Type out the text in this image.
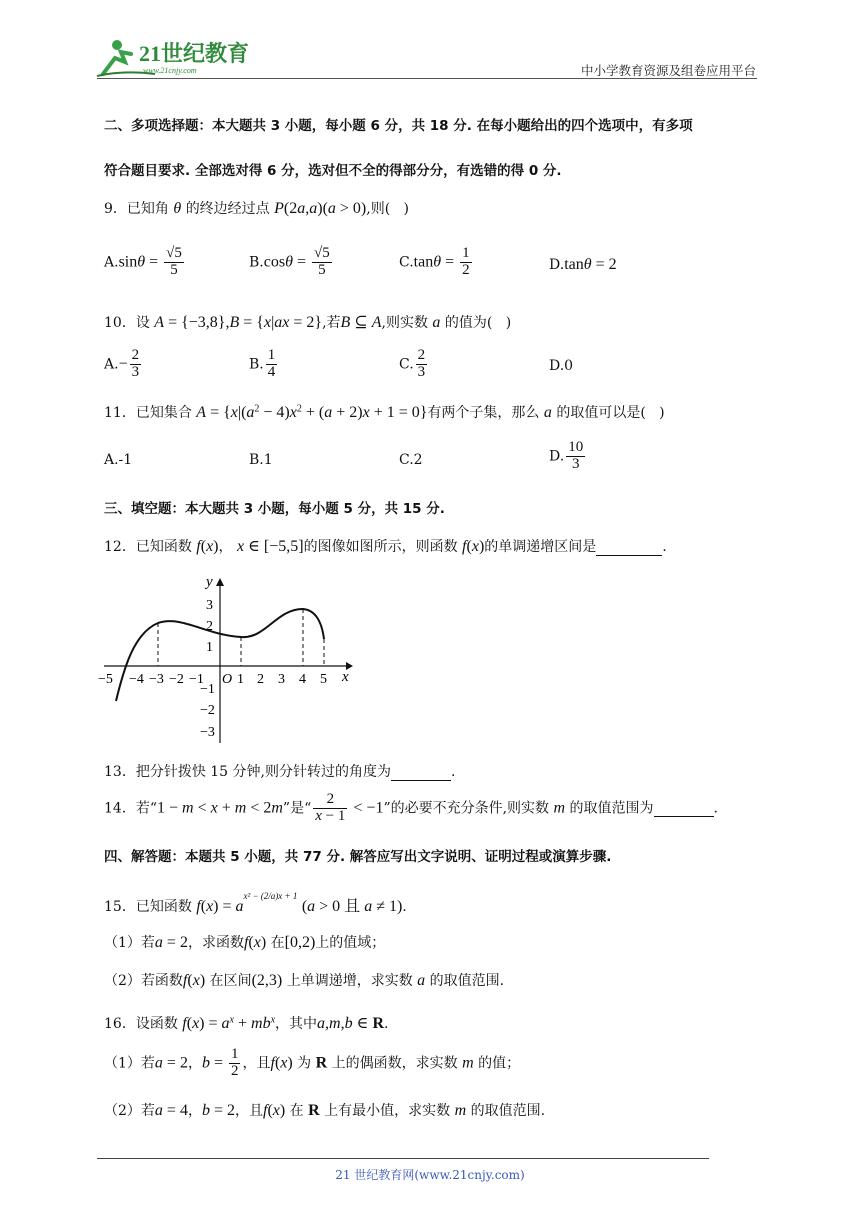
21世纪教育
www.21cnjy.com	中小学教育资源及组卷应用平台
二、多项选择题：本大题共 3 小题，每小题 6 分，共 18 分. 在每小题给出的四个选项中，有多项
符合题目要求. 全部选对得 6 分，选对但不全的得部分分，有选错的得 0 分.
9．已知角 θ 的终边经过点 P(2a,a)(a > 0),则( )
$A.\sin\theta = \frac{√5}{5}$	$B.\cos\theta = \frac{√5}{5}$	$C.\tan\theta = \frac{1}{2}$	D.tanθ = 2
10．设 A = {−3,8},B = {x|ax = 2},若B ⊆ A,则实数 a 的值为( )
$A.- \frac{2}{3}$	B. $\frac{1}{4}$	C. $\frac{2}{3}$	D.0
11．已知集合 $A = \{x|(a^2 - 4)x^2 + (a + 2)x + 1 = 0\}$有两个子集，那么 a 的取值可以是( )
A.-1	B.1	C.2	D. $\frac{10}{3}$
三、填空题：本大题共 3 小题，每小题 5 分，共 15 分.
12．已知函数 f(x)， x ∈ [−5,5]的图像如图所示，则函数 f(x)的单调递增区间是	.
x
y
−5 −4 −3 −2 −1 O 1 2 3 4 5
3
2
1
−1
−2
−3
13．把分针拨快 15 分钟,则分针转过的角度为	.
14．若“1 − m < x + m < 2m”是“ $\frac{2}{x - 1} < -1$”的必要不充分条件,则实数 m 的取值范围为	.
四、解答题：本题共 5 小题，共 77 分. 解答应写出文字说明、证明过程或演算步骤.
15．已知函数 $f(x) = a^{x^2 - (2/a)x + 1}$ (a > 0 且 a ≠ 1).
（1）若a = 2，求函数f(x) 在[0,2)上的值域；
（2）若函数f(x) 在区间(2,3) 上单调递增，求实数 a 的取值范围.
16．设函数 $f(x) = a^x + mb^x$，其中a,m,b ∈ R.
（1）若a = 2，$b = \frac{1}{2}$ ，且f(x) 为 R 上的偶函数，求实数 m 的值；
（2）若a = 4，b = 2，且f(x) 在 R 上有最小值，求实数 m 的取值范围.
21 世纪教育网(www.21cnjy.com)
